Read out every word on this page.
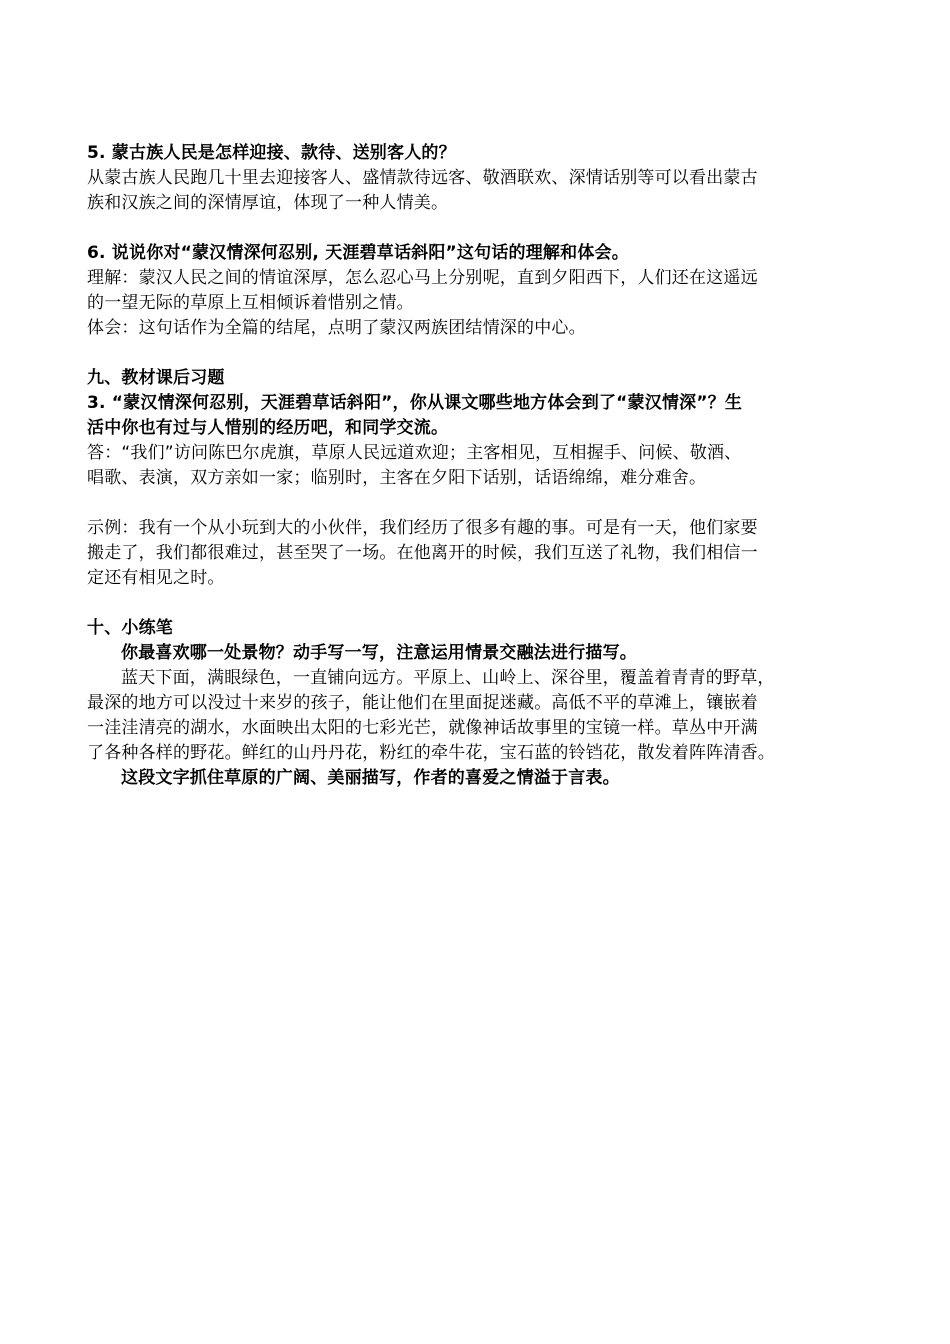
5. 蒙古族人民是怎样迎接、款待、送别客人的？
从蒙古族人民跑几十里去迎接客人、盛情款待远客、敬酒联欢、深情话别等可以看出蒙古
族和汉族之间的深情厚谊，体现了一种人情美。
6. 说说你对“蒙汉情深何忍别, 天涯碧草话斜阳”这句话的理解和体会。
理解：蒙汉人民之间的情谊深厚，怎么忍心马上分别呢，直到夕阳西下，人们还在这遥远
的一望无际的草原上互相倾诉着惜别之情。
体会：这句话作为全篇的结尾，点明了蒙汉两族团结情深的中心。
九、教材课后习题
3. “蒙汉情深何忍别，天涯碧草话斜阳”，你从课文哪些地方体会到了“蒙汉情深”？生
活中你也有过与人惜别的经历吧，和同学交流。
答：“我们”访问陈巴尔虎旗，草原人民远道欢迎；主客相见，互相握手、问候、敬酒、
唱歌、表演，双方亲如一家；临别时，主客在夕阳下话别，话语绵绵，难分难舍。
示例：我有一个从小玩到大的小伙伴，我们经历了很多有趣的事。可是有一天，他们家要
搬走了，我们都很难过，甚至哭了一场。在他离开的时候，我们互送了礼物，我们相信一
定还有相见之时。
十、小练笔
你最喜欢哪一处景物？动手写一写，注意运用情景交融法进行描写。
蓝天下面，满眼绿色，一直铺向远方。平原上、山岭上、深谷里，覆盖着青青的野草，
最深的地方可以没过十来岁的孩子，能让他们在里面捉迷藏。高低不平的草滩上，镶嵌着
一洼洼清亮的湖水，水面映出太阳的七彩光芒，就像神话故事里的宝镜一样。草丛中开满
了各种各样的野花。鲜红的山丹丹花，粉红的牵牛花，宝石蓝的铃铛花，散发着阵阵清香。
这段文字抓住草原的广阔、美丽描写，作者的喜爱之情溢于言表。
